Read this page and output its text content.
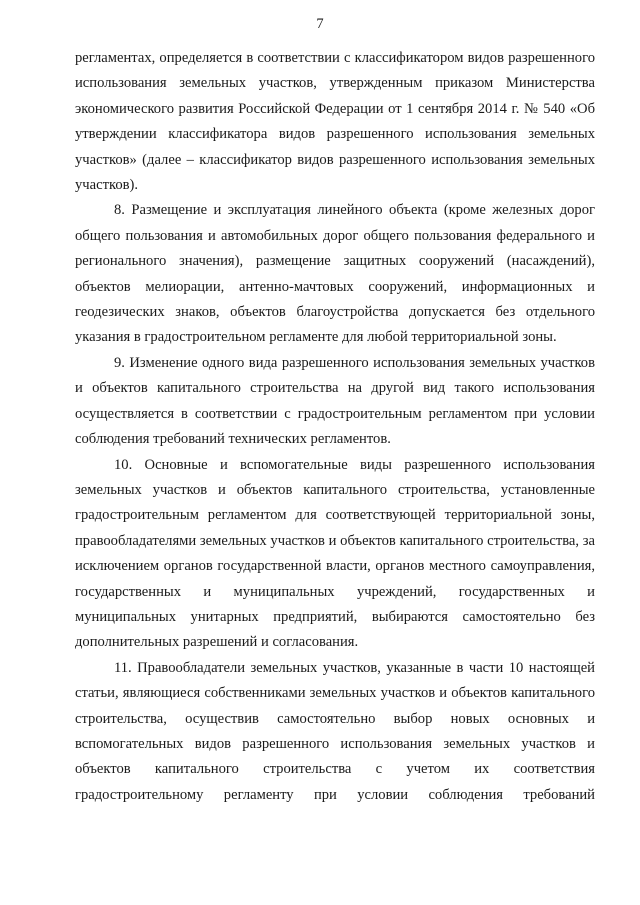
7

регламентах, определяется в соответствии с классификатором видов разрешенного использования земельных участков, утвержденным приказом Министерства экономического развития Российской Федерации от 1 сентября 2014 г. № 540 «Об утверждении классификатора видов разрешенного использования земельных участков» (далее – классификатор видов разрешенного использования земельных участков).

8. Размещение и эксплуатация линейного объекта (кроме железных дорог общего пользования и автомобильных дорог общего пользования федерального и регионального значения), размещение защитных сооружений (насаждений), объектов мелиорации, антенно-мачтовых сооружений, информационных и геодезических знаков, объектов благоустройства допускается без отдельного указания в градостроительном регламенте для любой территориальной зоны.

9. Изменение одного вида разрешенного использования земельных участков и объектов капитального строительства на другой вид такого использования осуществляется в соответствии с градостроительным регламентом при условии соблюдения требований технических регламентов.

10. Основные и вспомогательные виды разрешенного использования земельных участков и объектов капитального строительства, установленные градостроительным регламентом для соответствующей территориальной зоны, правообладателями земельных участков и объектов капитального строительства, за исключением органов государственной власти, органов местного самоуправления, государственных и муниципальных учреждений, государственных и муниципальных унитарных предприятий, выбираются самостоятельно без дополнительных разрешений и согласования.

11. Правообладатели земельных участков, указанные в части 10 настоящей статьи, являющиеся собственниками земельных участков и объектов капитального строительства, осуществив самостоятельно выбор новых основных и вспомогательных видов разрешенного использования земельных участков и объектов капитального строительства с учетом их соответствия градостроительному регламенту при условии соблюдения требований
